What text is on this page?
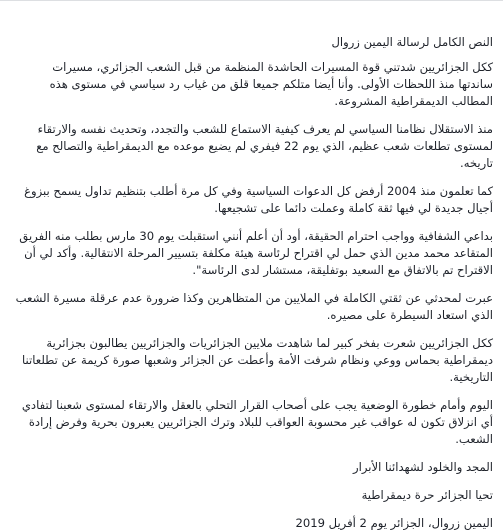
النص الكامل لرسالة اليمين زروال

ككل الجزائريين شدتني قوة المسيرات الحاشدة المنظمة من قبل الشعب الجزائري، مسيرات ساندتها منذ اللحظات الأولى. وأنا أيضا متلكم جميعا قلق من غياب رد سياسي في مستوى هذه المطالب الديمقراطية المشروعة.

منذ الاستقلال نظامنا السياسي لم يعرف كيفية الاستماع للشعب والتجدد، وتحديث نفسه والارتقاء لمستوى تطلعات شعب عظيم، الذي يوم 22 فيفري لم يضيع موعده مع الديمقراطية والتصالح مع تاريخه.

كما تعلمون منذ 2004 أرفض كل الدعوات السياسية وفي كل مرة أطلب بتنظيم تداول يسمح ببزوغ أجيال جديدة لي فيها ثقة كاملة وعملت دائما على تشجيعها.

بداعي الشفافية وواجب احترام الحقيقة، أود أن أعلم أنني استقبلت يوم 30 مارس بطلب منه الفريق المتقاعد محمد مدين الذي حمل لي اقتراح لرئاسة هيئة مكلفة بتسيير المرحلة الانتقالية. وأكد لي أن الاقتراح تم بالاتفاق مع السعيد بوتفليقة، مستشار لدى الرئاسة".

عبرت لمحدثي عن ثقتي الكاملة في الملايين من المتظاهرين وكذا ضرورة عدم عرقلة مسيرة الشعب الذي استعاد السيطرة على مصيره.

ككل الجزائريين شعرت بفخر كبير لما شاهدت ملايين الجزائريات والجزائريين يطالبون بجزائرية ديمقراطية بحماس ووعي ونظام شرفت الأمة وأعطت عن الجزائر وشعبها صورة كريمة عن تطلعاتنا التاريخية.

اليوم وأمام خطورة الوضعية يجب على أصحاب القرار التحلي بالعقل والارتقاء لمستوى شعبنا لتفادي أي انزلاق تكون له عواقب غير محسوبة العواقب للبلاد وترك الجزائريين يعبرون بحرية وفرض إرادة الشعب.

المجد والخلود لشهدائنا الأبرار

تحيا الجزائر حرة ديمقراطية

اليمين زروال، الجزائر يوم 2 أفريل 2019
